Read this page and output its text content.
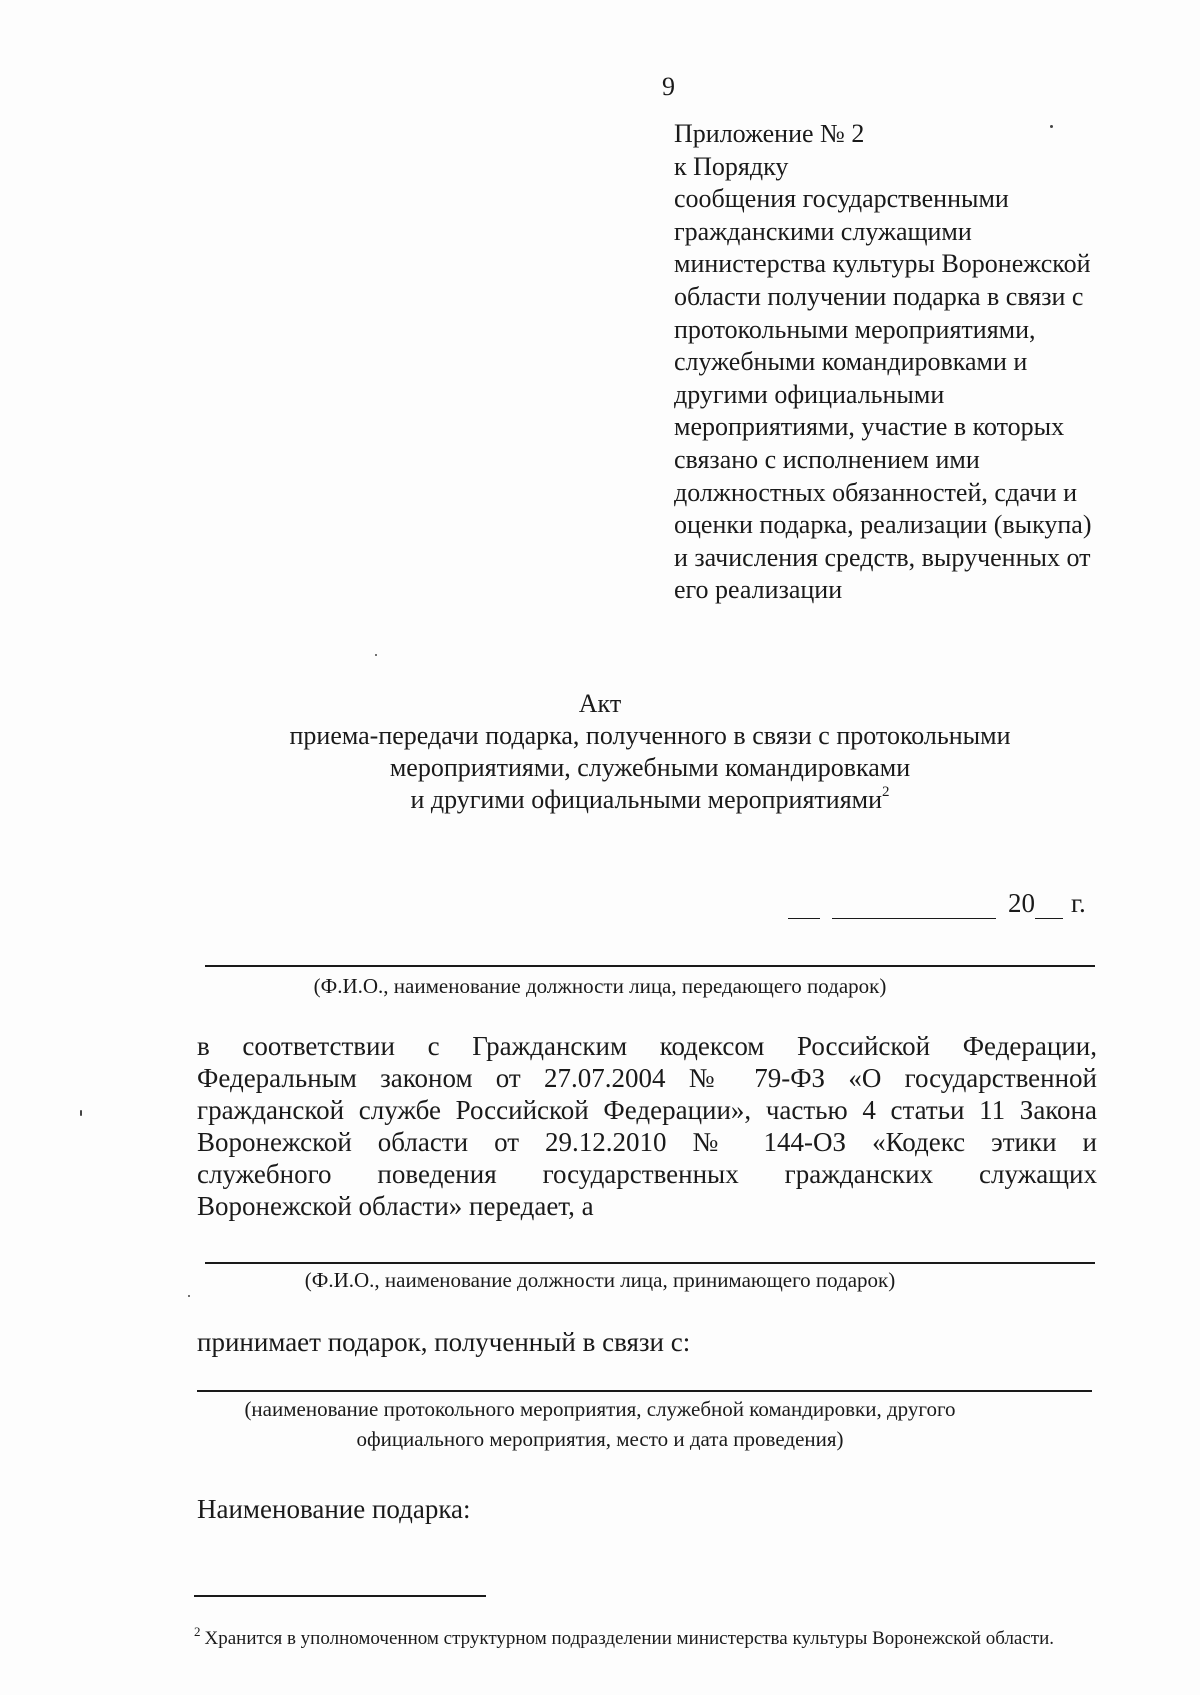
9
Приложение № 2
к Порядку
сообщения государственными
гражданскими служащими
министерства культуры Воронежской
области получении подарка в связи с
протокольными мероприятиями,
служебными командировками и
другими официальными
мероприятиями, участие в которых
связано с исполнением ими
должностных обязанностей, сдачи и
оценки подарка, реализации (выкупа)
и зачисления средств, вырученных от
его реализации
Акт
приема-передачи подарка, полученного в связи с протокольными
мероприятиями, служебными командировками
и другими официальными мероприятиями$^2$
20 г.
(Ф.И.О., наименование должности лица, передающего подарок)
в соответствии с Гражданским кодексом Российской Федерации,
Федеральным законом от 27.07.2004 № 79-ФЗ «О государственной
гражданской службе Российской Федерации», частью 4 статьи 11 Закона
Воронежской области от 29.12.2010 № 144-ОЗ «Кодекс этики и
служебного поведения государственных гражданских служащих
Воронежской области» передает, а
(Ф.И.О., наименование должности лица, принимающего подарок)
принимает подарок, полученный в связи с:
(наименование протокольного мероприятия, служебной командировки, другого
официального мероприятия, место и дата проведения)
Наименование подарка:
$^2$ Хранится в уполномоченном структурном подразделении министерства культуры Воронежской области.
